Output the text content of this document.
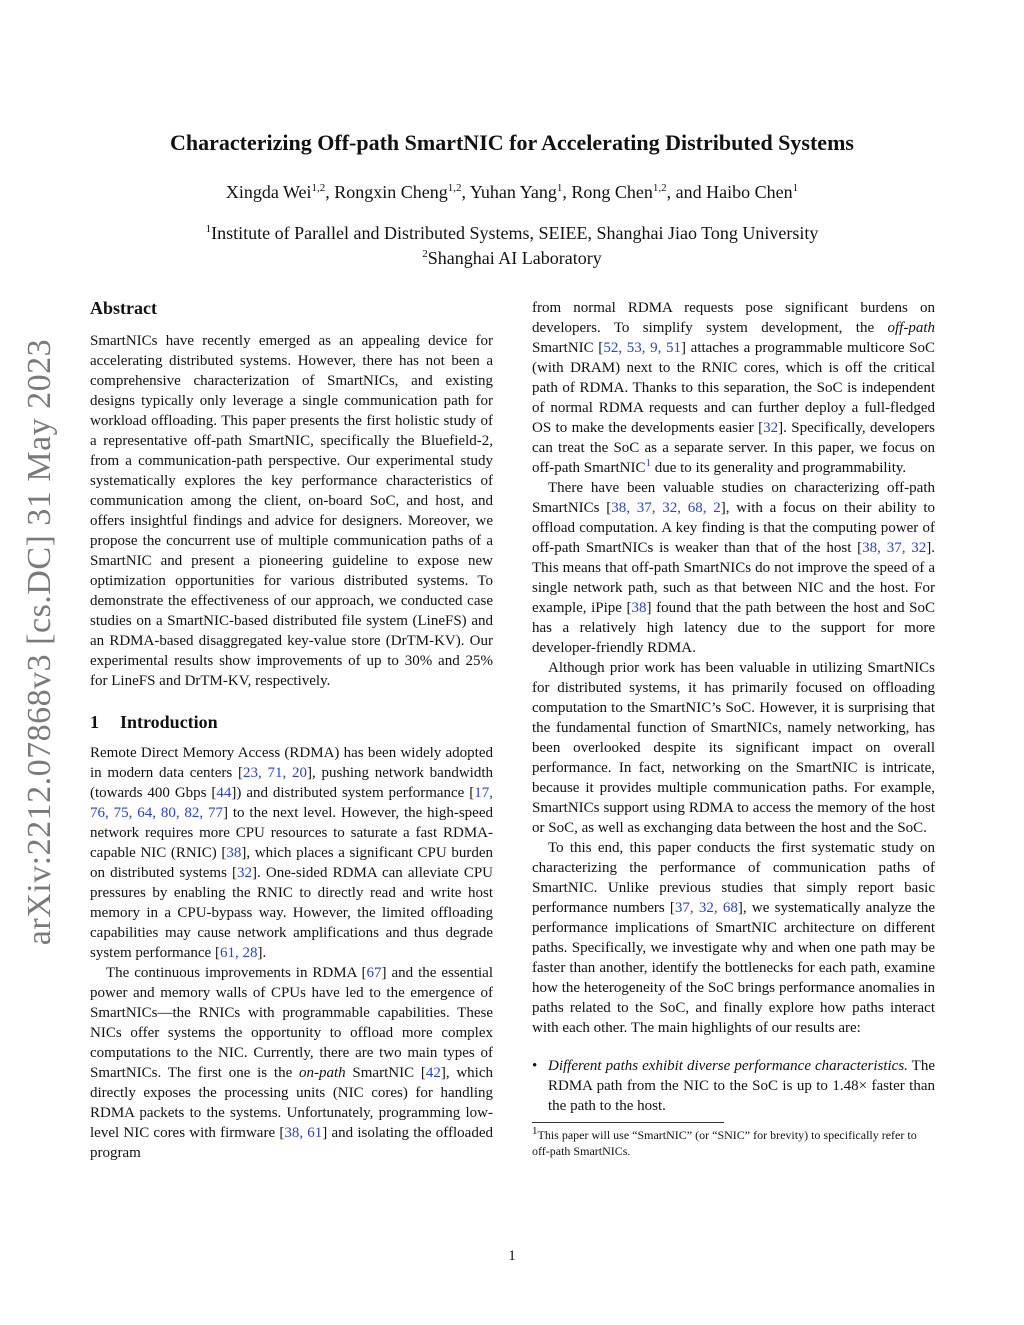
arXiv:2212.07868v3 [cs.DC] 31 May 2023
Characterizing Off-path SmartNIC for Accelerating Distributed Systems
Xingda Wei$^{1,2}$, Rongxin Cheng$^{1,2}$, Yuhan Yang$^1$, Rong Chen$^{1,2}$, and Haibo Chen$^1$
$^1$Institute of Parallel and Distributed Systems, SEIEE, Shanghai Jiao Tong University
$^2$Shanghai AI Laboratory
Abstract

SmartNICs have recently emerged as an appealing device for accelerating distributed systems. However, there has not been a comprehensive characterization of SmartNICs, and existing designs typically only leverage a single communication path for workload offloading. This paper presents the first holistic study of a representative off-path SmartNIC, specifically the Bluefield-2, from a communication-path perspective. Our experimental study systematically explores the key performance characteristics of communication among the client, on-board SoC, and host, and offers insightful findings and advice for designers. Moreover, we propose the concurrent use of multiple communication paths of a SmartNIC and present a pioneering guideline to expose new optimization opportunities for various distributed systems. To demonstrate the effectiveness of our approach, we conducted case studies on a SmartNIC-based distributed file system (LineFS) and an RDMA-based disaggregated key-value store (DrTM-KV). Our experimental results show improvements of up to 30% and 25% for LineFS and DrTM-KV, respectively.

1 Introduction

Remote Direct Memory Access (RDMA) has been widely adopted in modern data centers [23, 71, 20], pushing network bandwidth (towards 400 Gbps [44]) and distributed system performance [17, 76, 75, 64, 80, 82, 77] to the next level. However, the high-speed network requires more CPU resources to saturate a fast RDMA-capable NIC (RNIC) [38], which places a significant CPU burden on distributed systems [32]. One-sided RDMA can alleviate CPU pressures by enabling the RNIC to directly read and write host memory in a CPU-bypass way. However, the limited offloading capabilities may cause network amplifications and thus degrade system performance [61, 28].

The continuous improvements in RDMA [67] and the essential power and memory walls of CPUs have led to the emergence of SmartNICs—the RNICs with programmable capabilities. These NICs offer systems the opportunity to offload more complex computations to the NIC. Currently, there are two main types of SmartNICs. The first one is the on-path SmartNIC [42], which directly exposes the processing units (NIC cores) for handling RDMA packets to the systems. Unfortunately, programming low-level NIC cores with firmware [38, 61] and isolating the offloaded program

from normal RDMA requests pose significant burdens on developers. To simplify system development, the off-path SmartNIC [52, 53, 9, 51] attaches a programmable multicore SoC (with DRAM) next to the RNIC cores, which is off the critical path of RDMA. Thanks to this separation, the SoC is independent of normal RDMA requests and can further deploy a full-fledged OS to make the developments easier [32]. Specifically, developers can treat the SoC as a separate server. In this paper, we focus on off-path SmartNIC$^1$ due to its generality and programmability.

There have been valuable studies on characterizing off-path SmartNICs [38, 37, 32, 68, 2], with a focus on their ability to offload computation. A key finding is that the computing power of off-path SmartNICs is weaker than that of the host [38, 37, 32]. This means that off-path SmartNICs do not improve the speed of a single network path, such as that between NIC and the host. For example, iPipe [38] found that the path between the host and SoC has a relatively high latency due to the support for more developer-friendly RDMA.

Although prior work has been valuable in utilizing SmartNICs for distributed systems, it has primarily focused on offloading computation to the SmartNIC’s SoC. However, it is surprising that the fundamental function of SmartNICs, namely networking, has been overlooked despite its significant impact on overall performance. In fact, networking on the SmartNIC is intricate, because it provides multiple communication paths. For example, SmartNICs support using RDMA to access the memory of the host or SoC, as well as exchanging data between the host and the SoC.

To this end, this paper conducts the first systematic study on characterizing the performance of communication paths of SmartNIC. Unlike previous studies that simply report basic performance numbers [37, 32, 68], we systematically analyze the performance implications of SmartNIC architecture on different paths. Specifically, we investigate why and when one path may be faster than another, identify the bottlenecks for each path, examine how the heterogeneity of the SoC brings performance anomalies in paths related to the SoC, and finally explore how paths interact with each other. The main highlights of our results are:

• Different paths exhibit diverse performance characteristics. The RDMA path from the NIC to the SoC is up to 1.48× faster than the path to the host.
$^1$This paper will use “SmartNIC” (or “SNIC” for brevity) to specifically refer to off-path SmartNICs.
1
